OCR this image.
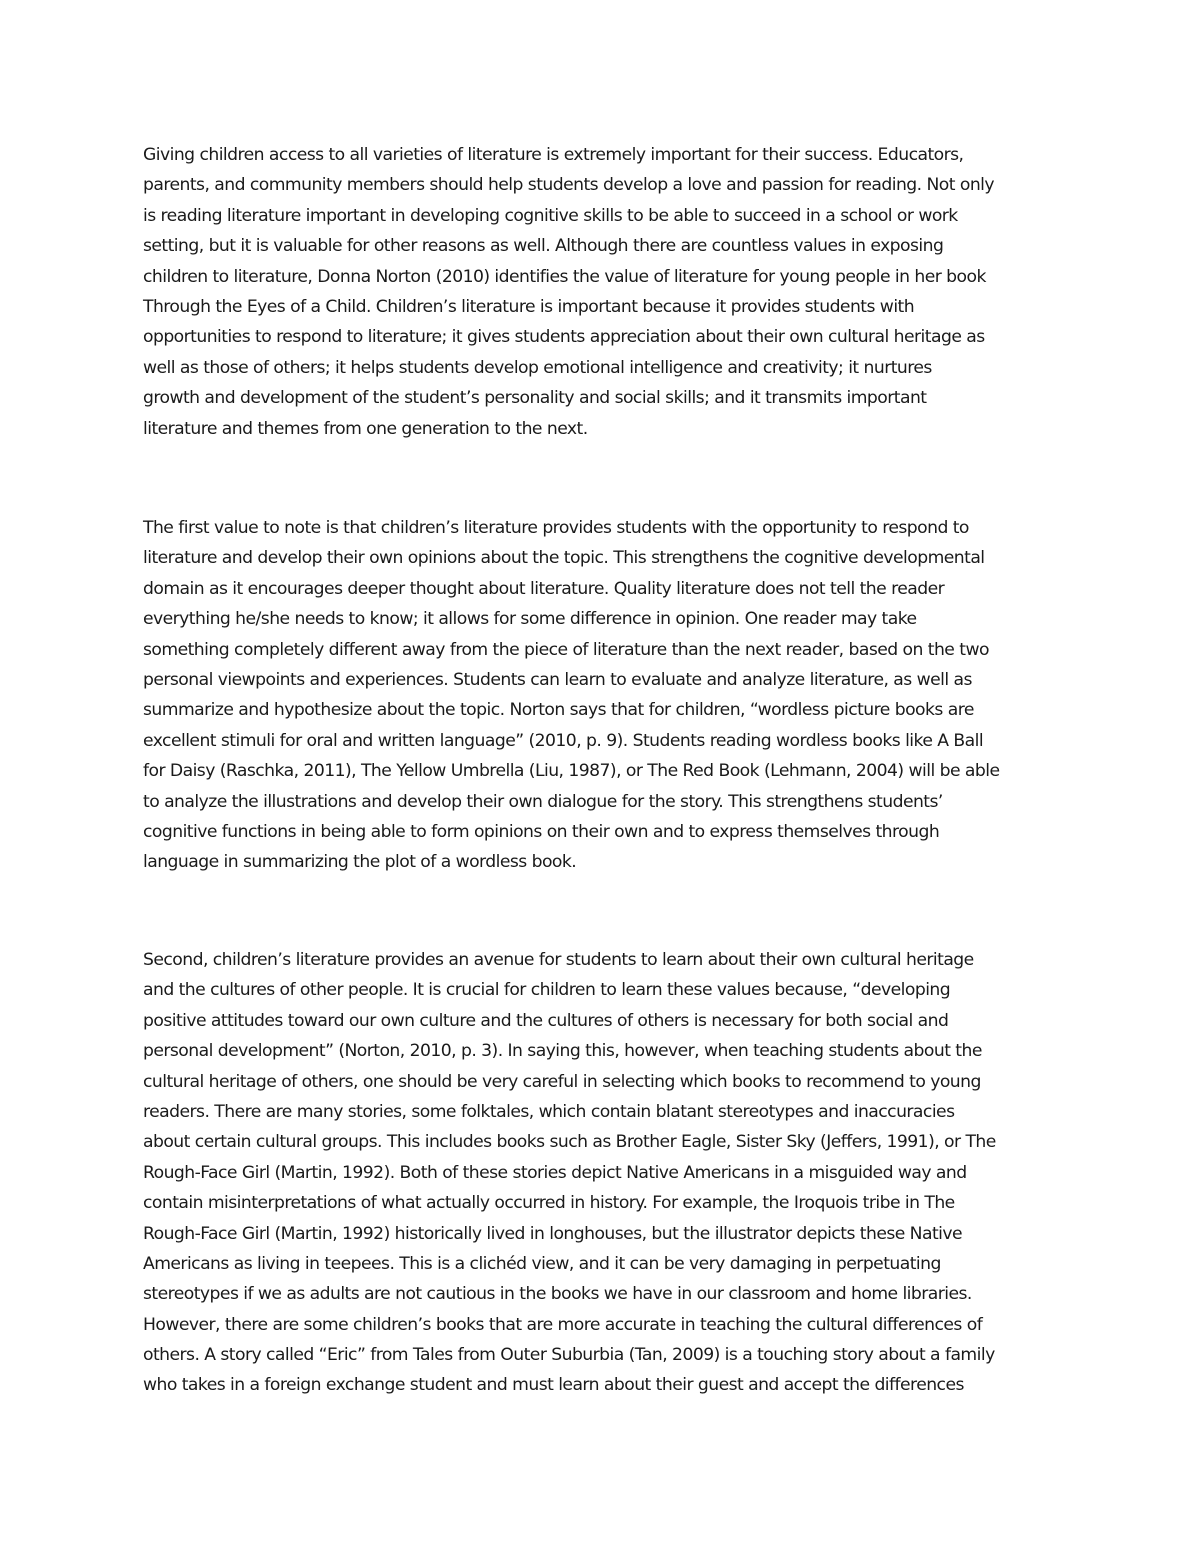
Giving children access to all varieties of literature is extremely important for their success. Educators,
parents, and community members should help students develop a love and passion for reading. Not only
is reading literature important in developing cognitive skills to be able to succeed in a school or work
setting, but it is valuable for other reasons as well. Although there are countless values in exposing
children to literature, Donna Norton (2010) identifies the value of literature for young people in her book
Through the Eyes of a Child. Children’s literature is important because it provides students with
opportunities to respond to literature; it gives students appreciation about their own cultural heritage as
well as those of others; it helps students develop emotional intelligence and creativity; it nurtures
growth and development of the student’s personality and social skills; and it transmits important
literature and themes from one generation to the next.
The first value to note is that children’s literature provides students with the opportunity to respond to
literature and develop their own opinions about the topic. This strengthens the cognitive developmental
domain as it encourages deeper thought about literature. Quality literature does not tell the reader
everything he/she needs to know; it allows for some difference in opinion. One reader may take
something completely different away from the piece of literature than the next reader, based on the two
personal viewpoints and experiences. Students can learn to evaluate and analyze literature, as well as
summarize and hypothesize about the topic. Norton says that for children, “wordless picture books are
excellent stimuli for oral and written language” (2010, p. 9). Students reading wordless books like A Ball
for Daisy (Raschka, 2011), The Yellow Umbrella (Liu, 1987), or The Red Book (Lehmann, 2004) will be able
to analyze the illustrations and develop their own dialogue for the story. This strengthens students’
cognitive functions in being able to form opinions on their own and to express themselves through
language in summarizing the plot of a wordless book.
Second, children’s literature provides an avenue for students to learn about their own cultural heritage
and the cultures of other people. It is crucial for children to learn these values because, “developing
positive attitudes toward our own culture and the cultures of others is necessary for both social and
personal development” (Norton, 2010, p. 3). In saying this, however, when teaching students about the
cultural heritage of others, one should be very careful in selecting which books to recommend to young
readers. There are many stories, some folktales, which contain blatant stereotypes and inaccuracies
about certain cultural groups. This includes books such as Brother Eagle, Sister Sky (Jeffers, 1991), or The
Rough-Face Girl (Martin, 1992). Both of these stories depict Native Americans in a misguided way and
contain misinterpretations of what actually occurred in history. For example, the Iroquois tribe in The
Rough-Face Girl (Martin, 1992) historically lived in longhouses, but the illustrator depicts these Native
Americans as living in teepees. This is a clichéd view, and it can be very damaging in perpetuating
stereotypes if we as adults are not cautious in the books we have in our classroom and home libraries.
However, there are some children’s books that are more accurate in teaching the cultural differences of
others. A story called “Eric” from Tales from Outer Suburbia (Tan, 2009) is a touching story about a family
who takes in a foreign exchange student and must learn about their guest and accept the differences
